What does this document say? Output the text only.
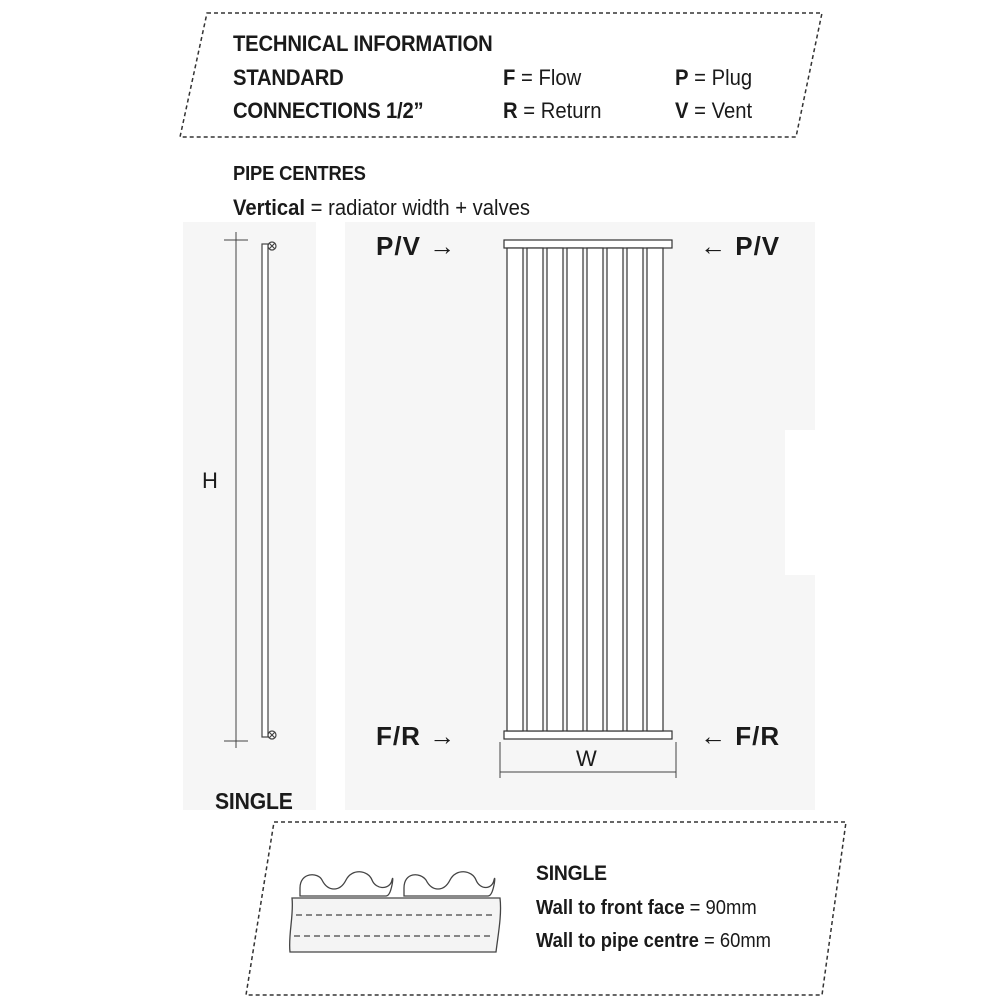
TECHNICAL INFORMATION
STANDARD
CONNECTIONS 1/2”
F = Flow
R = Return
P = Plug
V = Vent
PIPE CENTRES
Vertical = radiator width + valves
H
W
P/V →	← P/V
F/R →	← F/R
SINGLE
SINGLE
Wall to front face = 90mm
Wall to pipe centre = 60mm
